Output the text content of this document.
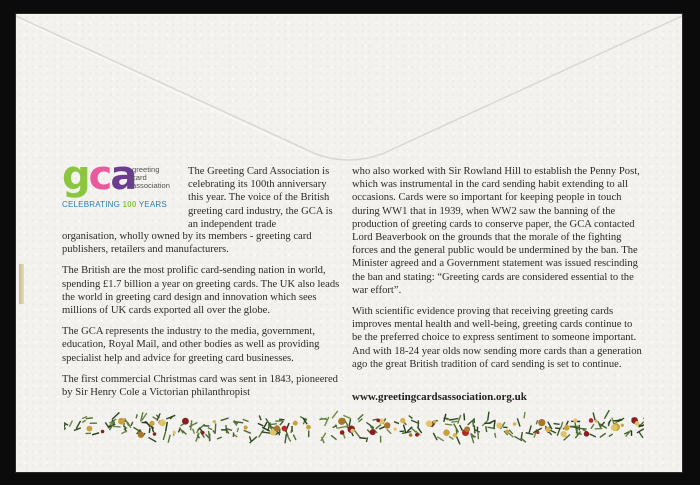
gca
greeting
card
association
CELEBRATING 100 YEARS

The Greeting Card Association is celebrating its 100th anniversary this year. The voice of the British greeting card industry, the GCA is an independent trade

organisation, wholly owned by its members - greeting card publishers, retailers and manufacturers.

The British are the most prolific card-sending nation in world, spending £1.7 billion a year on greeting cards. The UK also leads the world in greeting card design and innovation which sees millions of UK cards exported all over the globe.

The GCA represents the industry to the media, government, education, Royal Mail, and other bodies as well as providing specialist help and advice for greeting card businesses.

The first commercial Christmas card was sent in 1843, pioneered by Sir Henry Cole a Victorian philanthropist

who also worked with Sir Rowland Hill to establish the Penny Post, which was instrumental in the card sending habit extending to all occasions. Cards were so important for keeping people in touch during WW1 that in 1939, when WW2 saw the banning of the production of greeting cards to conserve paper, the GCA contacted Lord Beaverbook on the grounds that the morale of the fighting forces and the general public would be undermined by the ban. The Minister agreed and a Government statement was issued rescinding the ban and stating: “Greeting cards are considered essential to the war effort”.

With scientific evidence proving that receiving greeting cards improves mental health and well-being, greeting cards continue to be the preferred choice to express sentiment to someone important. And with 18-24 year olds now sending more cards than a generation ago the great British tradition of card sending is set to continue.

www.greetingcardsassociation.org.uk
